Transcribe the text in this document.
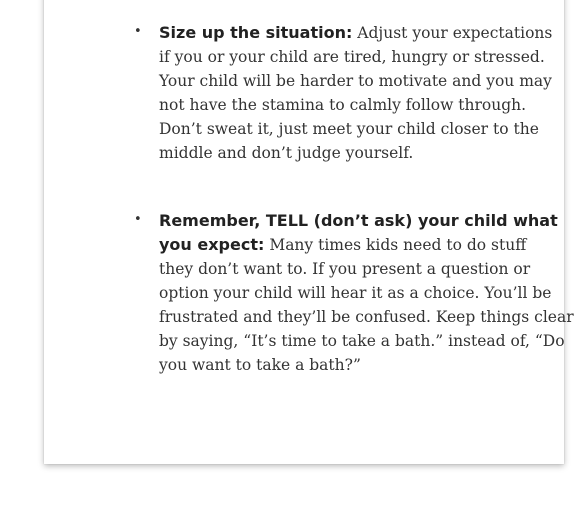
• Size up the situation: Adjust your expectations
if you or your child are tired, hungry or stressed.
Your child will be harder to motivate and you may
not have the stamina to calmly follow through.
Don’t sweat it, just meet your child closer to the
middle and don’t judge yourself.

• Remember, TELL (don’t ask) your child what
you expect: Many times kids need to do stuff
they don’t want to. If you present a question or
option your child will hear it as a choice. You’ll be
frustrated and they’ll be confused. Keep things clear
by saying, “It’s time to take a bath.” instead of, “Do
you want to take a bath?”
